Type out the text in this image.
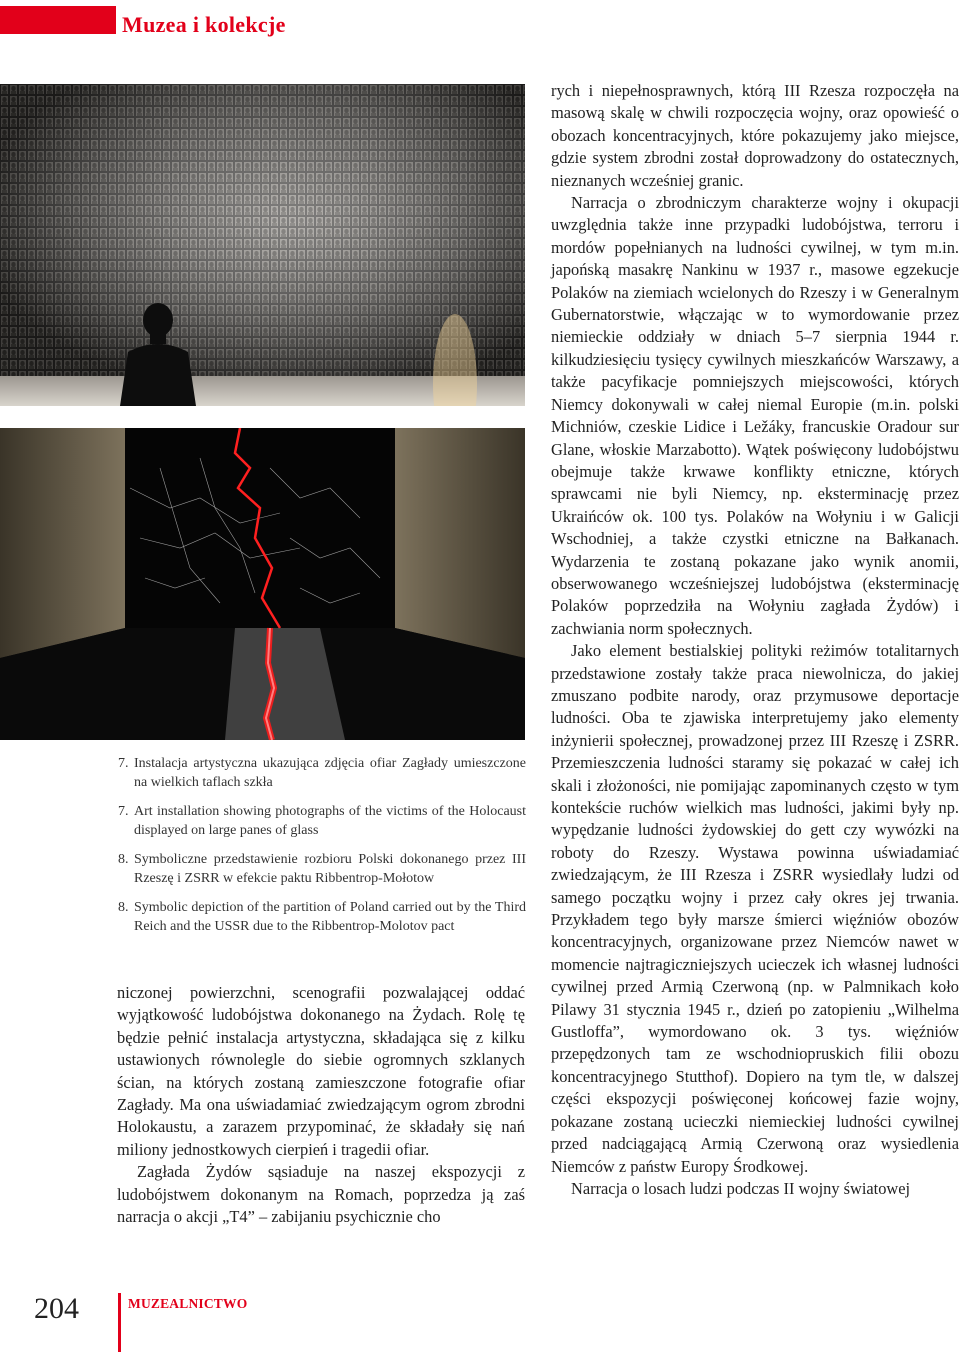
Muzea i kolekcje
7. Instalacja artystyczna ukazująca zdjęcia ofiar Zagłady umieszczone na wielkich taflach szkła
7. Art installation showing photographs of the victims of the Holocaust displayed on large panes of glass
8. Symboliczne przedstawienie rozbioru Polski dokonanego przez III Rzeszę i ZSRR w efekcie paktu Ribbentrop-Mołotow
8. Symbolic depiction of the partition of Poland carried out by the Third Reich and the USSR due to the Ribbentrop-Molotov pact

niczonej powierzchni, scenografii pozwalającej oddać wyjątkowość ludobójstwa dokonanego na Żydach. Rolę tę będzie pełnić instalacja artystyczna, składająca się z kilku ustawionych równolegle do siebie ogromnych szklanych ścian, na których zostaną zamieszczone fotografie ofiar Zagłady. Ma ona uświadamiać zwiedzającym ogrom zbrodni Holokaustu, a zarazem przypominać, że składały się nań miliony jednostkowych cierpień i tragedii ofiar.

Zagłada Żydów sąsiaduje na naszej ekspozycji z ludobójstwem dokonanym na Romach, poprzedza ją zaś narracja o akcji „T4” – zabijaniu psychicznie cho

rych i niepełnosprawnych, którą III Rzesza rozpoczęła na masową skalę w chwili rozpoczęcia wojny, oraz opowieść o obozach koncentracyjnych, które pokazujemy jako miejsce, gdzie system zbrodni został doprowadzony do ostatecznych, nieznanych wcześniej granic.

Narracja o zbrodniczym charakterze wojny i okupacji uwzględnia także inne przypadki ludobójstwa, terroru i mordów popełnianych na ludności cywilnej, w tym m.in. japońską masakrę Nankinu w 1937 r., masowe egzekucje Polaków na ziemiach wcielonych do Rzeszy i w Generalnym Gubernatorstwie, włączając w to wymordowanie przez niemieckie oddziały w dniach 5–7 sierpnia 1944 r. kilkudziesięciu tysięcy cywilnych mieszkańców Warszawy, a także pacyfikacje pomniejszych miejscowości, których Niemcy dokonywali w całej niemal Europie (m.in. polski Michniów, czeskie Lidice i Ležáky, francuskie Oradour sur Glane, włoskie Marzabotto). Wątek poświęcony ludobójstwu obejmuje także krwawe konflikty etniczne, których sprawcami nie byli Niemcy, np. eksterminację przez Ukraińców ok. 100 tys. Polaków na Wołyniu i w Galicji Wschodniej, a także czystki etniczne na Bałkanach. Wydarzenia te zostaną pokazane jako wynik anomii, obserwowanego wcześniejszej ludobójstwa (eksterminację Polaków poprzedziła na Wołyniu zagłada Żydów) i zachwiania norm społecznych.

Jako element bestialskiej polityki reżimów totalitarnych przedstawione zostały także praca niewolnicza, do jakiej zmuszano podbite narody, oraz przymusowe deportacje ludności. Oba te zjawiska interpretujemy jako elementy inżynierii społecznej, prowadzonej przez III Rzeszę i ZSRR. Przemieszczenia ludności staramy się pokazać w całej ich skali i złożoności, nie pomijając zapominanych często w tym kontekście ruchów wielkich mas ludności, jakimi były np. wypędzanie ludności żydowskiej do gett czy wywózki na roboty do Rzeszy. Wystawa powinna uświadamiać zwiedzającym, że III Rzesza i ZSRR wysiedlały ludzi od samego początku wojny i przez cały okres jej trwania. Przykładem tego były marsze śmierci więźniów obozów koncentracyjnych, organizowane przez Niemców nawet w momencie najtragiczniejszych ucieczek ich własnej ludności cywilnej przed Armią Czerwoną (np. w Palmnikach koło Pilawy 31 stycznia 1945 r., dzień po zatopieniu „Wilhelma Gustloffa”, wymordowano ok. 3 tys. więźniów przepędzonych tam ze wschodniopruskich filii obozu koncentracyjnego Stutthof). Dopiero na tym tle, w dalszej części ekspozycji poświęconej końcowej fazie wojny, pokazane zostaną ucieczki niemieckiej ludności cywilnej przed nadciągającą Armią Czerwoną oraz wysiedlenia Niemców z państw Europy Środkowej.

Narracja o losach ludzi podczas II wojny światowej

204	MUZEALNICTWO
